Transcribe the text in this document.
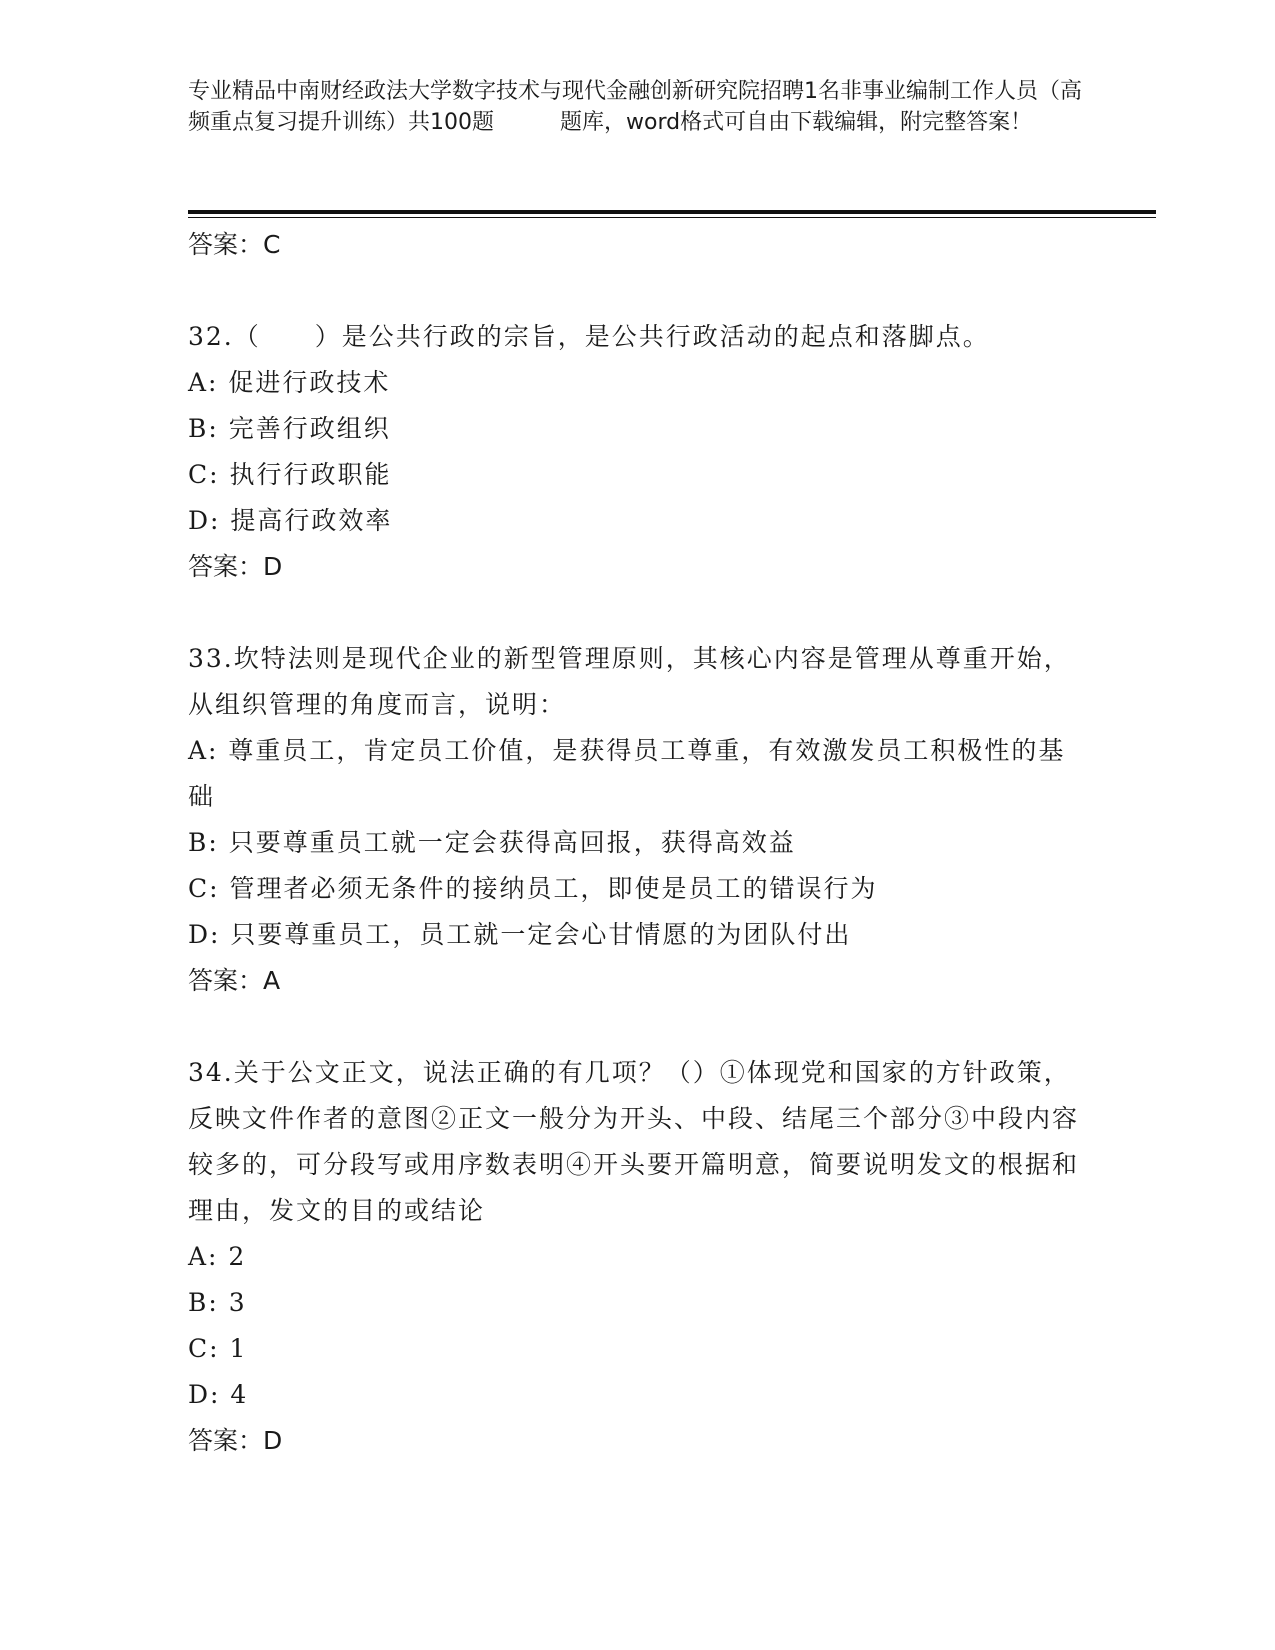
专业精品中南财经政法大学数字技术与现代金融创新研究院招聘1名非事业编制工作人员（高频重点复习提升训练）共100题　　　题库，word格式可自由下载编辑，附完整答案！
答案：C
32.（　　）是公共行政的宗旨，是公共行政活动的起点和落脚点。
A: 促进行政技术
B: 完善行政组织
C: 执行行政职能
D: 提高行政效率
答案：D
33.坎特法则是现代企业的新型管理原则，其核心内容是管理从尊重开始，从组织管理的角度而言，说明：
A: 尊重员工，肯定员工价值，是获得员工尊重，有效激发员工积极性的基础
B: 只要尊重员工就一定会获得高回报，获得高效益
C: 管理者必须无条件的接纳员工，即使是员工的错误行为
D: 只要尊重员工，员工就一定会心甘情愿的为团队付出
答案：A
34.关于公文正文，说法正确的有几项？（）①体现党和国家的方针政策，反映文件作者的意图②正文一般分为开头、中段、结尾三个部分③中段内容较多的，可分段写或用序数表明④开头要开篇明意，简要说明发文的根据和理由，发文的目的或结论
A: 2
B: 3
C: 1
D: 4
答案：D
